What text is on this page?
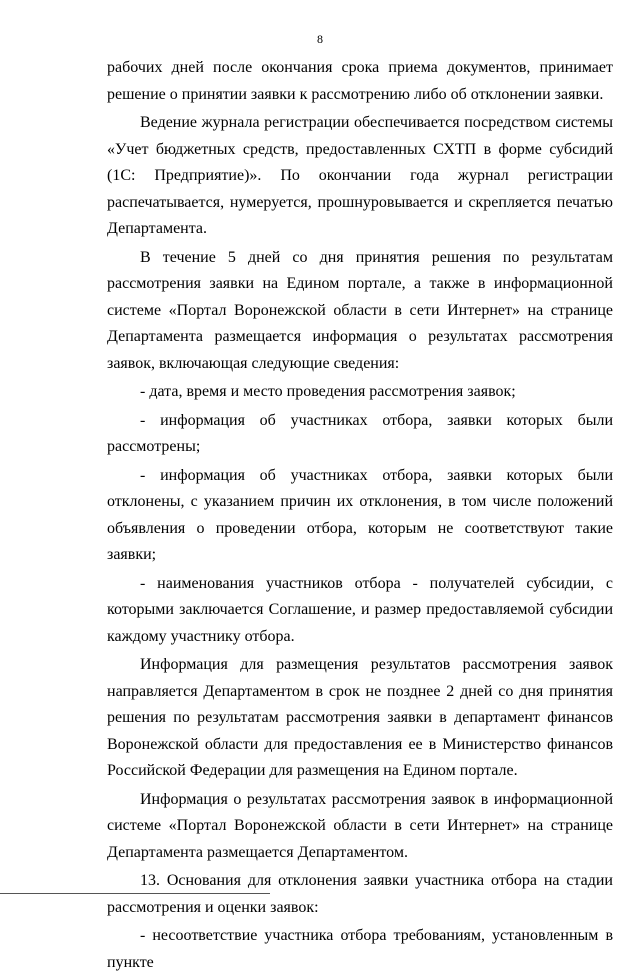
8

рабочих дней после окончания срока приема документов, принимает решение о принятии заявки к рассмотрению либо об отклонении заявки.

Ведение журнала регистрации обеспечивается посредством системы «Учет бюджетных средств, предоставленных СХТП в форме субсидий (1С: Предприятие)». По окончании года журнал регистрации распечатывается, нумеруется, прошнуровывается и скрепляется печатью Департамента.

В течение 5 дней со дня принятия решения по результатам рассмотрения заявки на Едином портале, а также в информационной системе «Портал Воронежской области в сети Интернет» на странице Департамента размещается информация о результатах рассмотрения заявок, включающая следующие сведения:

- дата, время и место проведения рассмотрения заявок;

- информация об участниках отбора, заявки которых были рассмотрены;

- информация об участниках отбора, заявки которых были отклонены, с указанием причин их отклонения, в том числе положений объявления о проведении отбора, которым не соответствуют такие заявки;

- наименования участников отбора - получателей субсидии, с которыми заключается Соглашение, и размер предоставляемой субсидии каждому участнику отбора.

Информация для размещения результатов рассмотрения заявок направляется Департаментом в срок не позднее 2 дней со дня принятия решения по результатам рассмотрения заявки в департамент финансов Воронежской области для предоставления ее в Министерство финансов Российской Федерации для размещения на Едином портале.

Информация о результатах рассмотрения заявок в информационной системе «Портал Воронежской области в сети Интернет» на странице Департамента размещается Департаментом.

13. Основания для отклонения заявки участника отбора на стадии рассмотрения и оценки заявок:

- несоответствие участника отбора требованиям, установленным в пункте
